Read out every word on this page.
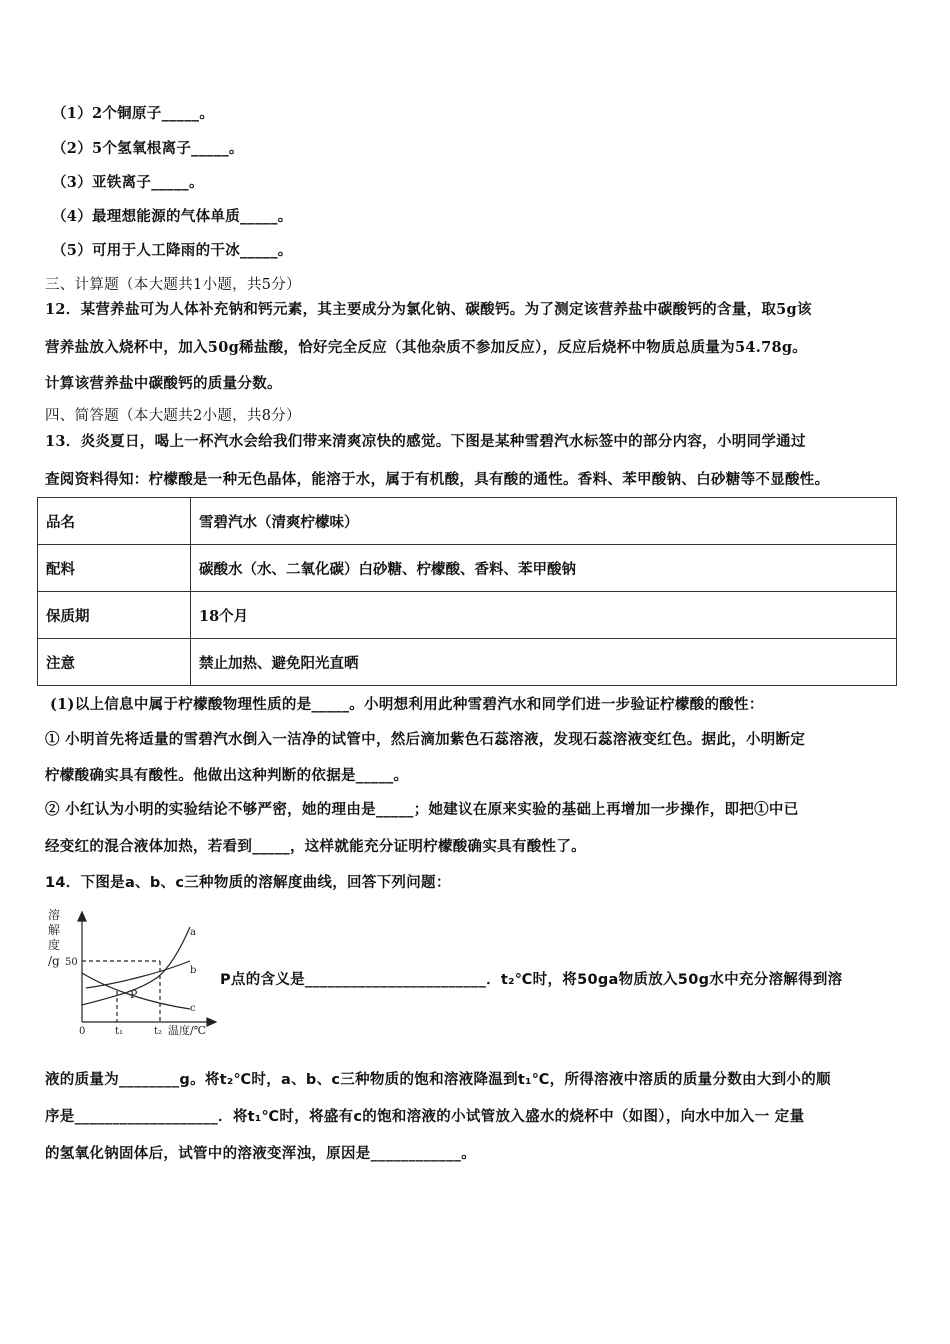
（1）2个铜原子_____。
（2）5个氢氧根离子_____。
（3）亚铁离子_____。
（4）最理想能源的气体单质_____。
（5）可用于人工降雨的干冰_____。
三、计算题（本大题共1小题，共5分）
12．某营养盐可为人体补充钠和钙元素，其主要成分为氯化钠、碳酸钙。为了测定该营养盐中碳酸钙的含量，取5g该
营养盐放入烧杯中，加入50g稀盐酸，恰好完全反应（其他杂质不参加反应），反应后烧杯中物质总质量为54.78g。
计算该营养盐中碳酸钙的质量分数。
四、简答题（本大题共2小题，共8分）
13．炎炎夏日，喝上一杯汽水会给我们带来清爽凉快的感觉。下图是某种雪碧汽水标签中的部分内容，小明同学通过
查阅资料得知：柠檬酸是一种无色晶体，能溶于水，属于有机酸，具有酸的通性。香料、苯甲酸钠、白砂糖等不显酸性。
品名	雪碧汽水（清爽柠檬味）
配料	碳酸水（水、二氧化碳）白砂糖、柠檬酸、香料、苯甲酸钠
保质期	18个月
注意	禁止加热、避免阳光直晒
(1)以上信息中属于柠檬酸物理性质的是_____。小明想利用此种雪碧汽水和同学们进一步验证柠檬酸的酸性：
① 小明首先将适量的雪碧汽水倒入一洁净的试管中，然后滴加紫色石蕊溶液，发现石蕊溶液变红色。据此，小明断定
柠檬酸确实具有酸性。他做出这种判断的依据是_____。
② 小红认为小明的实验结论不够严密，她的理由是_____；她建议在原来实验的基础上再增加一步操作，即把①中已
经变红的混合液体加热，若看到_____，这样就能充分证明柠檬酸确实具有酸性了。
14．下图是a、b、c三种物质的溶解度曲线，回答下列问题：
溶
解
度
/g 50
0	t₁	t₂ 温度/℃
a
b
c
P
P点的含义是________________________．t₂℃时，将50ga物质放入50g水中充分溶解得到溶
液的质量为________g。将t₂℃时，a、b、c三种物质的饱和溶液降温到t₁℃，所得溶液中溶质的质量分数由大到小的顺
序是___________________．将t₁℃时，将盛有c的饱和溶液的小试管放入盛水的烧杯中（如图），向水中加入一 定量
的氢氧化钠固体后，试管中的溶液变浑浊，原因是____________。
